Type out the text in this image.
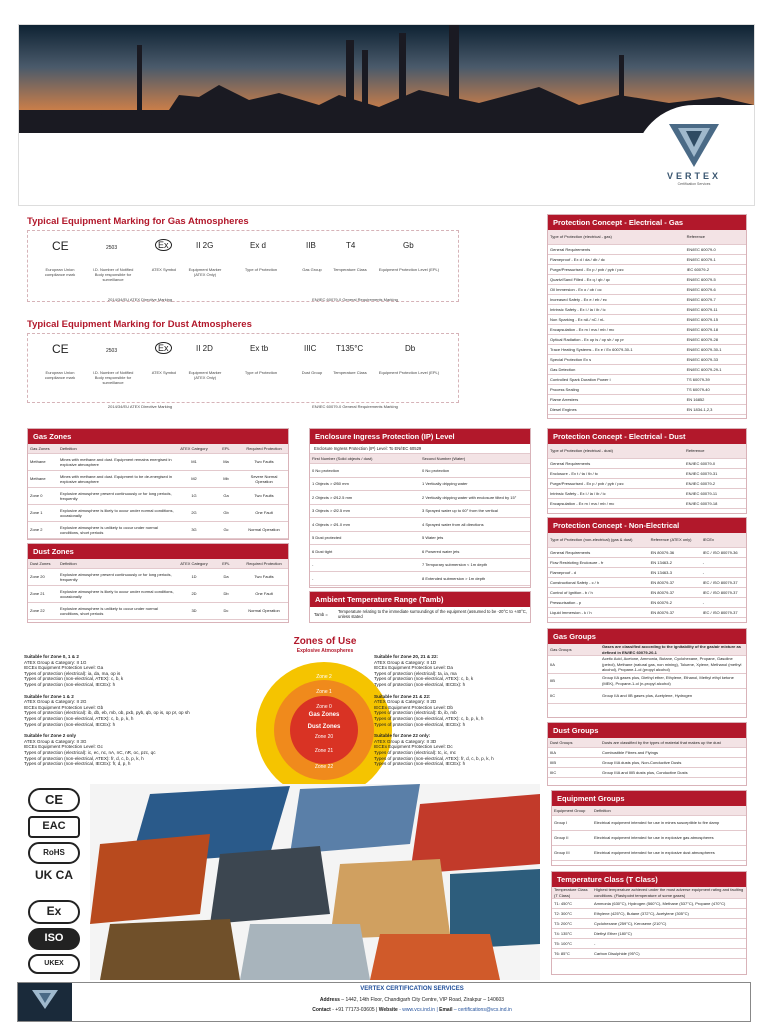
VERTEX
Certification Services
Typical Equipment Marking for Gas Atmospheres
CE	2503	Ex	II 2G	Ex d	IIB	T4	Gb
European Union compliance mark
I.D. Number of Notified Body responsible for surveillance
ATEX Symbol	Equipment Marker (ATEX Only)
Type of Protection	Gas Group	Temperature Class	Equipment Protection Level (EPL)
2014/34/EU ATEX Directive Marking	EN/IEC 60079-0 General Requirements Marking
Typical Equipment Marking for Dust Atmospheres
CE	2503	Ex	II 2D	Ex tb	IIIC T135°C	Db
European Union compliance mark
I.D. Number of Notified Body responsible for surveillance
ATEX Symbol	Equipment Marker (ATEX Only)
Type of Protection	Dust Group	Temperature Class	Equipment Protection Level (EPL)
2014/34/EU ATEX Directive Marking	EN/IEC 60079-0 General Requirements Marking
Protection Concept - Electrical - Gas
Type of Protection (electrical - gas)	Reference
General Requirements	EN/IEC 60079-0
Flameproof - Ex d / da / db / dc	EN/IEC 60079-1
Purge/Pressurised - Ex p / pxb / pyb / pzc	IEC 60079-2
Quartz/Sand Filled - Ex q / qb / qc	EN/IEC 60079-5
Oil Immersion - Ex o / ob / oc	EN/IEC 60079-6
Increased Safety - Ex e / eb / ec	EN/IEC 60079-7
Intrinsic Safety - Ex i / ia / ib / ic	EN/IEC 60079-11
Non Sparking - Ex nA / nC / nL	EN/IEC 60079-15
Encapsulation - Ex m / ma / mb / mc	EN/IEC 60079-18
Optical Radiation - Ex op is / op sh / op pr	EN/IEC 60079-28
Trace Heating Systems - Ex e / Ex 60079-30-1	EN/IEC 60079-30-1
Special Protection Ex s	EN/IEC 60079-33
Gas Detection	EN/IEC 60079-29-1
Controlled Spark Duration Power i	TS 60079-39
Process Sealing	TS 60079-40
Flame Arresters	EN 16852
Diesel Engines	EN 1834-1,2,3
Protection Concept - Electrical - Dust
Type of Protection (electrical - dust)	Reference
General Requirements	EN/IEC 60079-0
Enclosure - Ex t / ta / tb / tc	EN/IEC 60079-31
Purge/Pressurised - Ex p / pxb / pyb / pzc	EN/IEC 60079-2
Intrinsic Safety - Ex i / ia / ib / ic	EN/IEC 60079-11
Encapsulation - Ex m / ma / mb / mc	EN/IEC 60079-18
Protection Concept - Non-Electrical
Type of Protection (non-electrical) (gas & dust)	Reference (ATEX only)	IECEx
General Requirements	EN 80079-36	IEC / ISO 80079-36
Flow Restricting Enclosure - fr	EN 13463-2	-
Flameproof - d	EN 13463-3	-
Constructional Safety - c / h	EN 80079-37	IEC / ISO 80079-37
Control of Ignition - b / h	EN 80079-37	IEC / ISO 80079-37
Pressurisation - p	EN 60079-2	-
Liquid Immersion - k / h	EN 80079-37	IEC / ISO 80079-37
Gas Zones
Gas Zones	Definition	ATEX Category	EPL	Required Protection
Methane	Mines with methane and dust. Equipment remains energised in explosive atmosphere	M1	Ma	Two Faults
Methane	Mines with methane and dust. Equipment to be de-energised in explosive atmosphere	M2	Mb	Severe Normal Operation
Zone 0	Explosive atmosphere present continuously or for long periods, frequently	1G	Ga	Two Faults
Zone 1	Explosive atmosphere is likely to occur under normal conditions, occasionally	2G	Gb	One Fault
Zone 2	Explosive atmosphere is unlikely to occur under normal conditions, short periods	3G	Gc	Normal Operation
Dust Zones
Dust Zones	Definition	ATEX Category	EPL	Required Protection
Zone 20	Explosive atmosphere present continuously or for long periods, frequently	1D	Da	Two Faults
Zone 21	Explosive atmosphere is likely to occur under normal conditions, occasionally	2D	Db	One Fault
Zone 22	Explosive atmosphere is unlikely to occur under normal conditions, short periods	3D	Dc	Normal Operation
Enclosure Ingress Protection (IP) Level
Enclosure Ingress Protection (IP) Level: To EN/IEC 60529
First Number (Solid objects / dust)	Second Number (Water)
0 No protection	0 No protection
1 Objects > Ø50 mm	1 Vertically dripping water
2 Objects > Ø12.5 mm	2 Vertically dripping water with enclosure tilted by 15°
3 Objects > Ø2.5 mm	3 Sprayed water up to 60° from the vertical
4 Objects > Ø1.0 mm	4 Sprayed water from all directions
5 Dust protected	5 Water jets
6 Dust tight	6 Powered water jets
-	7 Temporary submersion < 1m depth
-	8 Extended submersion > 1m depth
Ambient Temperature Range (Tamb)
Tamb =
Temperature relating to the immediate surroundings of the equipment (assumed to be -20°C to +40°C, unless stated
Zones of Use
Explosive Atmospheres
Zone 2
Zone 1
Zone 0
Gas Zones
Dust Zones
Zone 20
Zone 21
Zone 22
Suitable for Zone 0, 1 & 2
ATEX Group & Category: II 1G
IECEx Equipment Protection Level: Ga
Types of protection (electrical): ia, da, ma, op is
Types of protection (non-electrical, ATEX): c, b, k
Types of protection (non-electrical, IECEx): h
Suitable for Zone 1 & 2
ATEX Group & Category: II 2G
IECEx Equipment Protection Level: Gb
Types of protection (electrical): ib, db, eb, mb, ob, pxb, pyb, qb, op is, op pr, op sh
Types of protection (non-electrical, ATEX): c, b, p, k, h
Types of protection (non-electrical, IECEx): h
Suitable for Zone 2 only
ATEX Group & Category: II 3G
IECEx Equipment Protection Level: Gc
Types of protection (electrical): ic, ec, nc, nA, nC, nR, oc, pzc, qc
Types of protection (non-electrical, ATEX): fr, d, c, b, p, k, h
Types of protection (non-electrical, IECEx): fr, d, p, h
Suitable for Zone 20, 21 & 22:
ATEX Group & Category: II 1D
IECEx Equipment Protection Level: Da
Types of protection (electrical): ta, ia, ma
Types of protection (non-electrical, ATEX): c, b, k
Types of protection (non-electrical, IECEx): h
Suitable for Zone 21 & 22:
ATEX Group & Category: II 2D
IECEx Equipment Protection Level: Db
Types of protection (electrical): tb, ib, mb
Types of protection (non-electrical, ATEX): c, b, p, k, h
Types of protection (non-electrical, IECEx): h
Suitable for Zone 22 only:
ATEX Group & Category: II 3D
IECEx Equipment Protection Level: Dc
Types of protection (electrical): tc, ic, mc
Types of protection (non-electrical, ATEX): fr, d, c, b, p, k, h
Types of protection (non-electrical, IECEx): h
Gas Groups
Gas Groups	Gases are classified according to the ignitability of the gas/air mixture as defined in EN/IEC 60079-20-1
IIA	Acetic Acid, Acetone, Ammonia, Butane, Cyclohexane, Propane, Gasoline (petrol), Methane (natural gas, non mining), Toluene, Xylene, Methanol (methyl alcohol), Propane-1-ol (propyl alcohol)
IIB	Group IIA gases plus, Diethyl ether, Ethylene, Ethanol, Methyl ethyl ketone (MEK), Propane-1-ol (n-propyl alcohol)
IIC	Group IIA and IIB gases plus, Acetylene, Hydrogen
Dust Groups
Dust Groups	Dusts are classified by the types of material that makes up the dust
IIIA	Combustible Fibres and Flyings
IIIB	Group IIIA dusts plus, Non-Conductive Dusts
IIIC	Group IIIA and IIIB dusts plus, Conductive Dusts
Equipment Groups
Equipment Group	Definition
Group I	Electrical equipment intended for use in mines susceptible to fire damp
Group II	Electrical equipment intended for use in explosive gas atmospheres
Group III	Electrical equipment intended for use in explosive dust atmospheres
Temperature Class (T Class)
Temperature Class (T Class)	Highest temperature achieved under the most adverse equipment rating and faulting conditions. (Flashpoint temperature of some gases)
T1: 450°C	Ammonia (630°C), Hydrogen (560°C), Methane (537°C), Propane (470°C)
T2: 300°C	Ethylene (425°C), Butane (372°C), Acetylene (305°C)
T3: 200°C	Cyclohexane (259°C), Kerosene (210°C)
T4: 135°C	Diethyl Ether (180°C)
T5: 100°C	-
T6: 85°C	Carbon Disulphide (95°C)
CE
EAC
RoHS
UK CA
Ex
ISO
UKEX
VERTEX CERTIFICATION SERVICES
Address – 1442, 14th Floor, Chandigarh City Centre, VIP Road, Zirakpur – 140603
Contact - +91 77173-03605 | Website - www.vcs.ind.in | Email – certifications@vcs.ind.in
